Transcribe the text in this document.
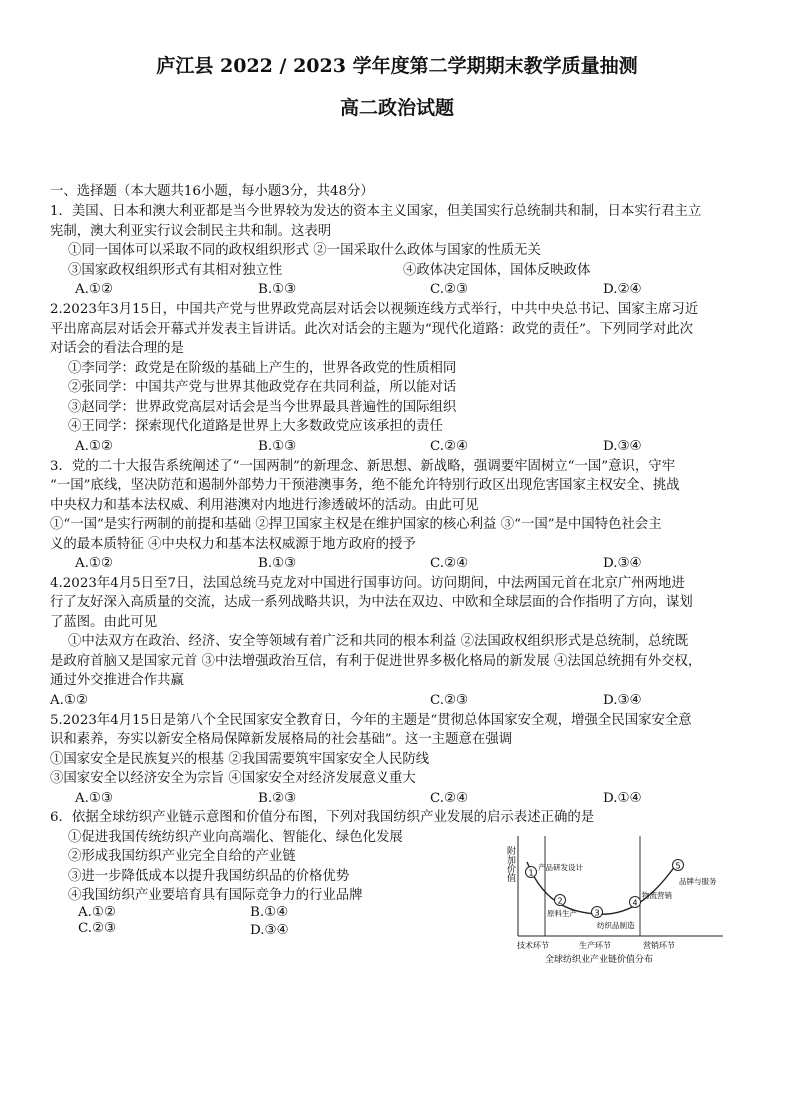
庐江县 2022 / 2023 学年度第二学期期末教学质量抽测
高二政治试题
一、选择题（本大题共16小题，每小题3分，共48分）
1．美国、日本和澳大利亚都是当今世界较为发达的资本主义国家，但美国实行总统制共和制，日本实行君主立
宪制，澳大利亚实行议会制民主共和制。这表明
①同一国体可以采取不同的政权组织形式 ②一国采取什么政体与国家的性质无关
③国家政权组织形式有其相对独立性	④政体决定国体，国体反映政体
A.①②	B.①③	C.②③	D.②④
2.2023年3月15日，中国共产党与世界政党高层对话会以视频连线方式举行，中共中央总书记、国家主席习近
平出席高层对话会开幕式并发表主旨讲话。此次对话会的主题为“现代化道路：政党的责任”。下列同学对此次
对话会的看法合理的是
①李同学：政党是在阶级的基础上产生的，世界各政党的性质相同
②张同学：中国共产党与世界其他政党存在共同利益，所以能对话
③赵同学：世界政党高层对话会是当今世界最具普遍性的国际组织
④王同学：探索现代化道路是世界上大多数政党应该承担的责任
A.①②	B.①③	C.②④	D.③④
3．党的二十大报告系统阐述了“一国两制”的新理念、新思想、新战略，强调要牢固树立“一国”意识，守牢
“一国”底线，坚决防范和遏制外部势力干预港澳事务，绝不能允许特别行政区出现危害国家主权安全、挑战
中央权力和基本法权威、利用港澳对内地进行渗透破坏的活动。由此可见
①“一国”是实行两制的前提和基础 ②捍卫国家主权是在维护国家的核心利益 ③“一国”是中国特色社会主
义的最本质特征 ④中央权力和基本法权威源于地方政府的授予
A.①②	B.①③	C.②④	D.③④
4.2023年4月5日至7日，法国总统马克龙对中国进行国事访问。访问期间，中法两国元首在北京广州两地进
行了友好深入高质量的交流，达成一系列战略共识，为中法在双边、中欧和全球层面的合作指明了方向，谋划
了蓝图。由此可见
①中法双方在政治、经济、安全等领域有着广泛和共同的根本利益 ②法国政权组织形式是总统制，总统既
是政府首脑又是国家元首 ③中法增强政治互信，有利于促进世界多极化格局的新发展 ④法国总统拥有外交权，
通过外交推进合作共赢
A.①②	C.②③	D.③④
5.2023年4月15日是第八个全民国家安全教育日，今年的主题是“贯彻总体国家安全观，增强全民国家安全意
识和素养，夯实以新安全格局保障新发展格局的社会基础”。这一主题意在强调
①国家安全是民族复兴的根基 ②我国需要筑牢国家安全人民防线
③国家安全以经济安全为宗旨 ④国家安全对经济发展意义重大
A.①③	B.②③	C.②④	D.①④
6．依据全球纺织产业链示意图和价值分布图，下列对我国纺织产业发展的启示表述正确的是
①促进我国传统纺织产业向高端化、智能化、绿色化发展
②形成我国纺织产业完全自给的产业链
③进一步降低成本以提升我国纺织品的价格优势
④我国纺织产业要培育具有国际竞争力的行业品牌
A.①②	B.①④
C.②③	D.③④
附加价值 1
2
3
4
5
产品研发设计
原料生产
纺织品制造
物流营销
品牌与服务
技术环节	生产环节	营销环节
全球纺织业产业链价值分布
